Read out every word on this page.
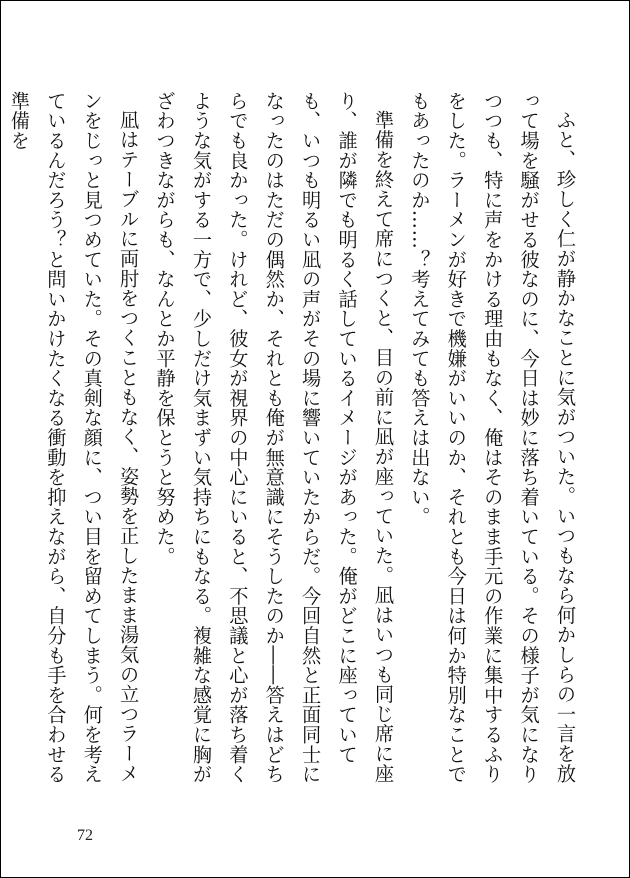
ふと、珍しく仁が静かなことに気がついた。いつもなら何かしらの一言を放って場を騒がせる彼なのに、今日は妙に落ち着いている。その様子が気になりつつも、特に声をかける理由もなく、俺はそのまま手元の作業に集中するふりをした。ラーメンが好きで機嫌がいいのか、それとも今日は何か特別なことでもあったのか……？考えてみても答えは出ない。

準備を終えて席につくと、目の前に凪が座っていた。凪はいつも同じ席に座り、誰が隣でも明るく話しているイメージがあった。俺がどこに座っていても、いつも明るい凪の声がその場に響いていたからだ。今回自然と正面同士になったのはただの偶然か、それとも俺が無意識にそうしたのか――答えはどちらでも良かった。けれど、彼女が視界の中心にいると、不思議と心が落ち着くような気がする一方で、少しだけ気まずい気持ちにもなる。複雑な感覚に胸がざわつきながらも、なんとか平静を保とうと努めた。

凪はテーブルに両肘をつくこともなく、姿勢を正したまま湯気の立つラーメンをじっと見つめていた。その真剣な顔に、つい目を留めてしまう。何を考えているんだろう？と問いかけたくなる衝動を抑えながら、自分も手を合わせる準備を

72
